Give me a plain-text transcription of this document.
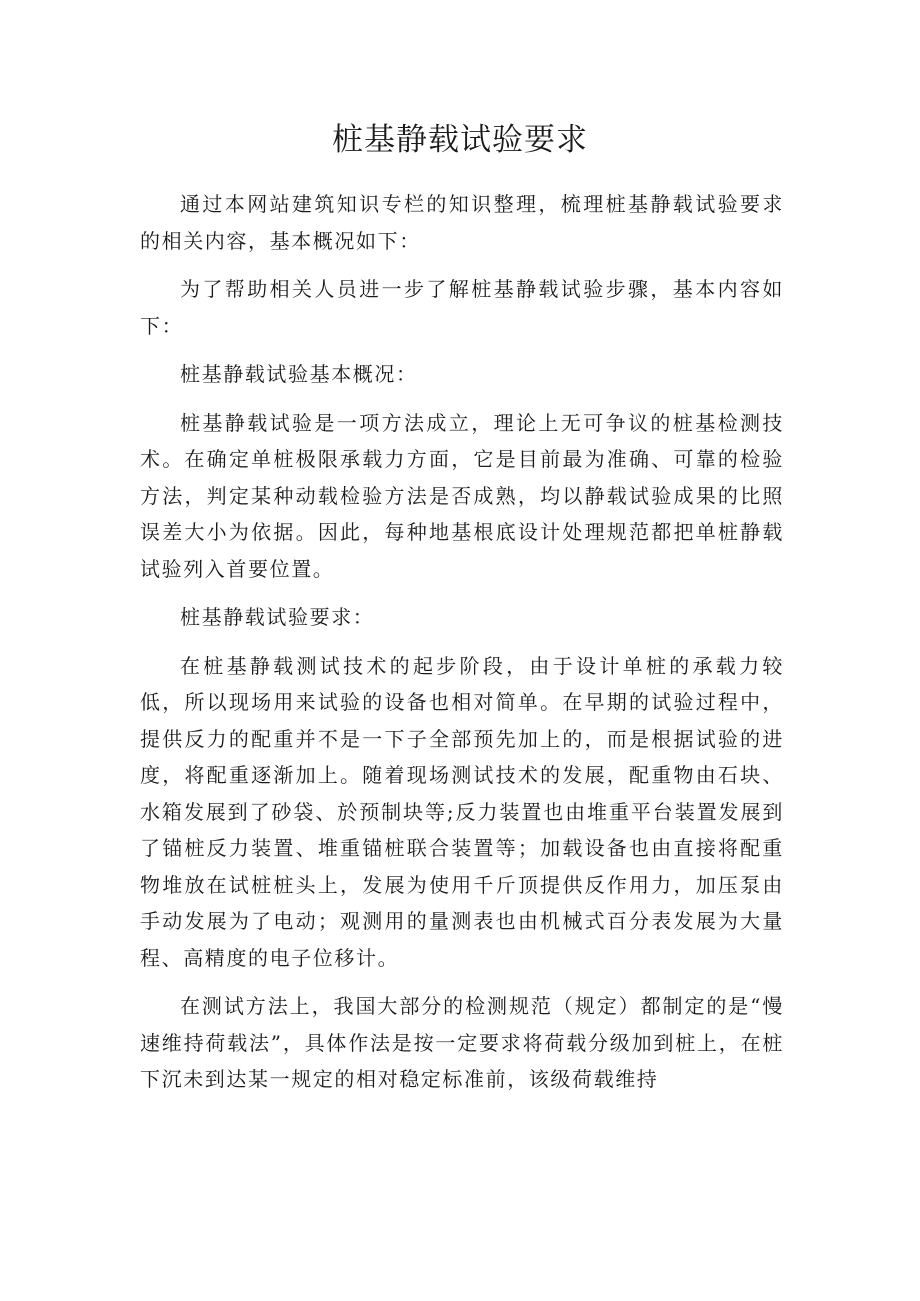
桩基静载试验要求

通过本网站建筑知识专栏的知识整理，梳理桩基静载试验要求的相关内容，基本概况如下：

为了帮助相关人员进一步了解桩基静载试验步骤，基本内容如下：

桩基静载试验基本概况：

桩基静载试验是一项方法成立，理论上无可争议的桩基检测技术。在确定单桩极限承载力方面，它是目前最为准确、可靠的检验方法，判定某种动载检验方法是否成熟，均以静载试验成果的比照误差大小为依据。因此，每种地基根底设计处理规范都把单桩静载试验列入首要位置。

桩基静载试验要求：

在桩基静载测试技术的起步阶段，由于设计单桩的承载力较低，所以现场用来试验的设备也相对简单。在早期的试验过程中，提供反力的配重并不是一下子全部预先加上的，而是根据试验的进度，将配重逐渐加上。随着现场测试技术的发展，配重物由石块、水箱发展到了砂袋、於预制块等;反力装置也由堆重平台装置发展到了锚桩反力装置、堆重锚桩联合装置等；加载设备也由直接将配重物堆放在试桩桩头上，发展为使用千斤顶提供反作用力，加压泵由手动发展为了电动；观测用的量测表也由机械式百分表发展为大量程、高精度的电子位移计。

在测试方法上，我国大部分的检测规范（规定）都制定的是“慢速维持荷载法”，具体作法是按一定要求将荷载分级加到桩上，在桩下沉未到达某一规定的相对稳定标准前，该级荷载维持
